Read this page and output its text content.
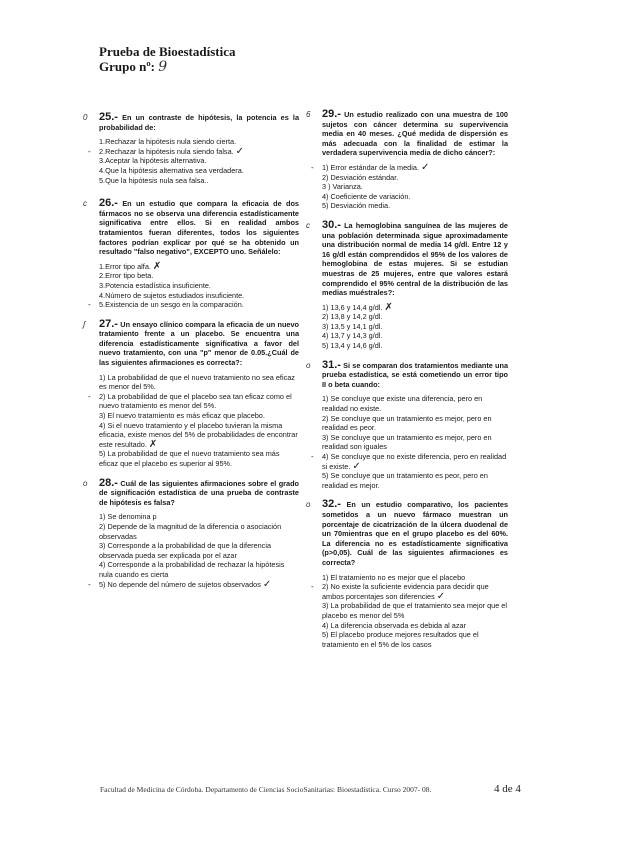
Prueba de Bioestadística
Grupo nº: 9
0 25.- En un contraste de hipótesis, la potencia es la probabilidad de:
1.Rechazar la hipótesis nula siendo cierta.
- 2.Rechazar la hipótesis nula siendo falsa. ✓
3.Aceptar la hipótesis alternativa.
4.Que la hipótesis alternativa sea verdadera.
5.Que la hipótesis nula sea falsa..
c 26.- En un estudio que compara la eficacia de dos fármacos no se observa una diferencia estadísticamente significativa entre ellos. Si en realidad ambos tratamientos fueran diferentes, todos los siguientes factores podrían explicar por qué se ha obtenido un resultado "falso negativo", EXCEPTO uno. Señálelo:
1.Error tipo alfa. ✗
2.Error tipo beta.
3.Potencia estadística insuficiente.
4.Número de sujetos estudiados insuficiente.
- 5.Existencia de un sesgo en la comparación.
ʃ 27.- Un ensayo clínico compara la eficacia de un nuevo tratamiento frente a un placebo. Se encuentra una diferencia estadísticamente significativa a favor del nuevo tratamiento, con una "p" menor de 0.05.¿Cuál de las siguientes afirmaciones es correcta?:
1) La probabilidad de que el nuevo tratamiento no sea eficaz es menor del 5%.
- 2) La probabilidad de que el placebo sea tan eficaz como el nuevo tratamiento es menor del 5%.
3) El nuevo tratamiento es más eficaz que placebo.
4) Si el nuevo tratamiento y el placebo tuvieran la misma eficacia, existe menos del 5% de probabilidades de encontrar este resultado. ✗
5) La probabilidad de que el nuevo tratamiento sea más eficaz que el placebo es superior al 95%.
o 28.- Cuál de las siguientes afirmaciones sobre el grado de significación estadística de una prueba de contraste de hipótesis es falsa?
1) Se denomina p
2) Depende de la magnitud de la diferencia o asociación observadas
3) Corresponde a la probabilidad de que la diferencia observada pueda ser explicada por el azar
4) Corresponde a la probabilidad de rechazar la hipótesis nula cuando es cierta
- 5) No depende del número de sujetos observados ✓
6 29.- Un estudio realizado con una muestra de 100 sujetos con cáncer determina su supervivencia media en 40 meses. ¿Qué medida de dispersión es más adecuada con la finalidad de estimar la verdadera supervivencia media de dicho cáncer?:
- 1) Error estándar de la media. ✓
2) Desviación estándar.
3 ) Varianza.
4) Coeficiente de variación.
5) Desviación media.
c 30.- La hemoglobina sanguínea de las mujeres de una población determinada sigue aproximadamente una distribución normal de media 14 g/dl. Entre 12 y 16 g/dl están comprendidos el 95% de los valores de hemoglobina de estas mujeres. Si se estudian muestras de 25 mujeres, entre que valores estará comprendido el 95% central de la distribución de las medias muéstrales?:
1) 13,6 y 14,4 g/dl. ✗
2) 13,8 y 14,2 g/dl.
3) 13,5 y 14,1 g/dl.
4) 13,7 y 14,3 g/dl.
5) 13,4 y 14,6 g/dl.
o 31.- Si se comparan dos tratamientos mediante una prueba estadística, se está cometiendo un error tipo II o beta cuando:
1) Se concluye que existe una diferencia, pero en realidad no existe.
2) Se concluye que un tratamiento es mejor, pero en realidad es peor.
3) Se concluye que un tratamiento es mejor, pero en realidad son iguales
- 4) Se concluye que no existe diferencia, pero en realidad si existe. ✓
5) Se concluye que un tratamiento es peor, pero en realidad es mejor.
o 32.- En un estudio comparativo, los pacientes sometidos a un nuevo fármaco muestran un porcentaje de cicatrización de la úlcera duodenal de un 70mientras que en el grupo placebo es del 60%. La diferencia no es estadísticamente significativa (p>0,05). Cuál de las siguientes afirmaciones es correcta?
1) El tratamiento no es mejor que el placebo
- 2) No existe la suficiente evidencia para decidir que ambos porcentajes son diferencies ✓
3) La probabilidad de que el tratamiento sea mejor que el placebo es menor del 5%
4) La diferencia observada es debida al azar
5) El placebo produce mejores resultados que el tratamiento en el 5% de los casos
Facultad de Medicina de Córdoba. Departamento de Ciencias SocioSanitarias: Bioestadística. Curso 2007- 08.	4 de 4
